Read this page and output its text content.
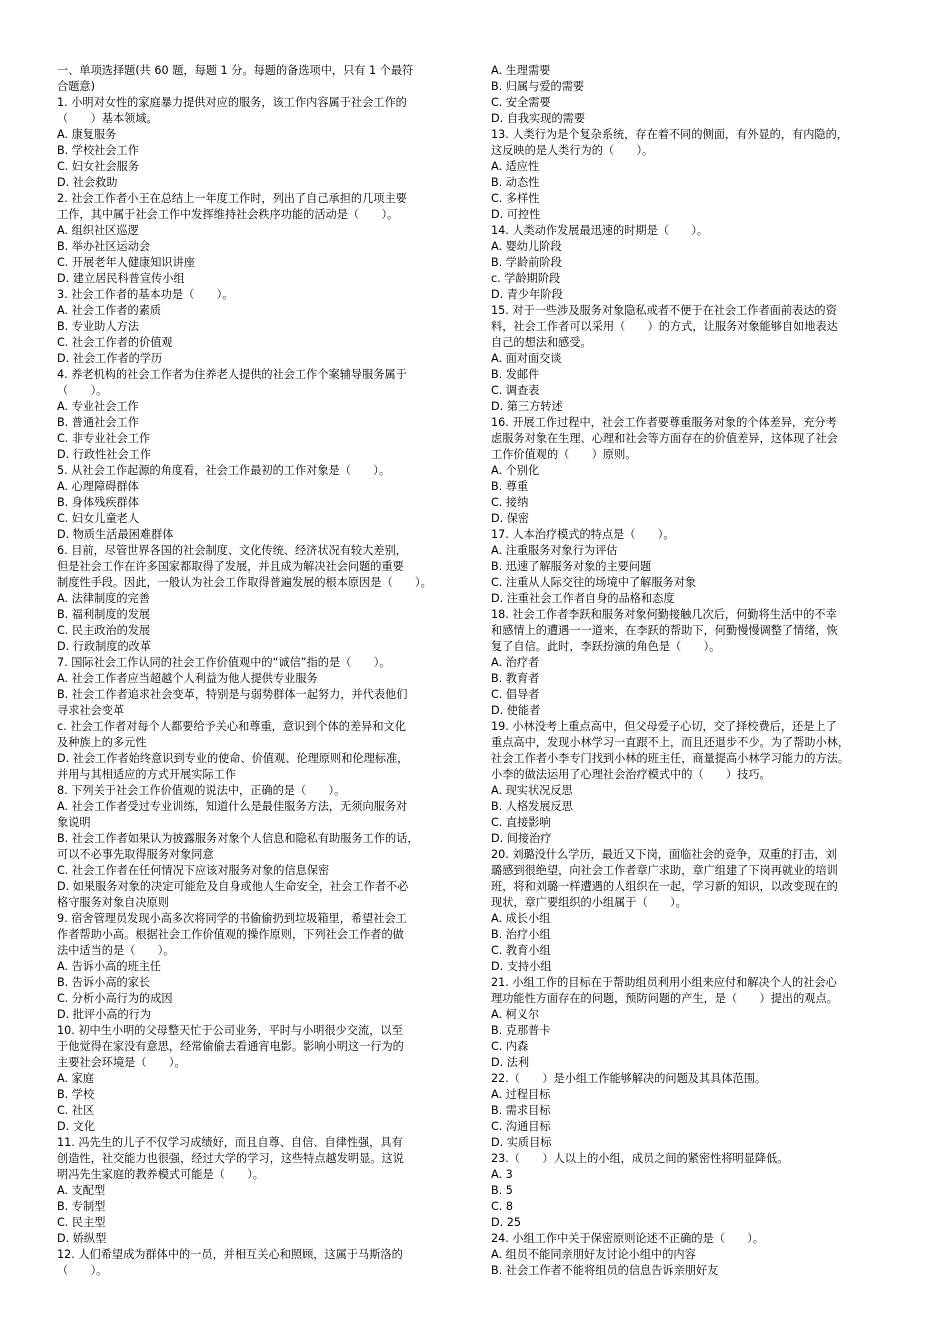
一、单项选择题(共 60 题，每题 1 分。每题的备选项中，只有 1 个最符
合题意)
1. 小明对女性的家庭暴力提供对应的服务，该工作内容属于社会工作的
（　　）基本领域。
A. 康复服务
B. 学校社会工作
C. 妇女社会服务
D. 社会救助
2. 社会工作者小王在总结上一年度工作时，列出了自己承担的几项主要
工作，其中属于社会工作中发挥维持社会秩序功能的活动是（　　）。
A. 组织社区巡逻
B. 举办社区运动会
C. 开展老年人健康知识讲座
D. 建立居民科普宣传小组
3. 社会工作者的基本功是（　　）。
A. 社会工作者的素质
B. 专业助人方法
C. 社会工作者的价值观
D. 社会工作者的学历
4. 养老机构的社会工作者为住养老人提供的社会工作个案辅导服务属于
（　　）。
A. 专业社会工作
B. 普通社会工作
C. 非专业社会工作
D. 行政性社会工作
5. 从社会工作起源的角度看，社会工作最初的工作对象是（　　）。
A. 心理障碍群体
B. 身体残疾群体
C. 妇女儿童老人
D. 物质生活最困难群体
6. 目前，尽管世界各国的社会制度、文化传统、经济状况有较大差别，
但是社会工作在许多国家都取得了发展，并且成为解决社会问题的重要
制度性手段。因此，一般认为社会工作取得普遍发展的根本原因是（　　）。
A. 法律制度的完善
B. 福利制度的发展
C. 民主政治的发展
D. 行政制度的改革
7. 国际社会工作认同的社会工作价值观中的“诚信”指的是（　　）。
A. 社会工作者应当超越个人利益为他人提供专业服务
B. 社会工作者追求社会变革，特别是与弱势群体一起努力，并代表他们
寻求社会变革
c. 社会工作者对每个人都要给予关心和尊重，意识到个体的差异和文化
及种族上的多元性
D. 社会工作者始终意识到专业的使命、价值观、伦理原则和伦理标准，
并用与其相适应的方式开展实际工作
8. 下列关于社会工作价值观的说法中，正确的是（　　）。
A. 社会工作者受过专业训练，知道什么是最佳服务方法，无须向服务对
象说明
B. 社会工作者如果认为披露服务对象个人信息和隐私有助服务工作的话，
可以不必事先取得服务对象同意
C. 社会工作者在任何情况下应该对服务对象的信息保密
D. 如果服务对象的决定可能危及自身或他人生命安全，社会工作者不必
格守服务对象自决原则
9. 宿舍管理员发现小高多次将同学的书偷偷扔到垃圾箱里，希望社会工
作者帮助小高。根据社会工作价值观的操作原则，下列社会工作者的做
法中适当的是（　　）。
A. 告诉小高的班主任
B. 告诉小高的家长
C. 分析小高行为的成因
D. 批评小高的行为
10. 初中生小明的父母整天忙于公司业务，平时与小明很少交流，以至
于他觉得在家没有意思，经常偷偷去看通宵电影。影响小明这一行为的
主要社会环境是（　　）。
A. 家庭
B. 学校
C. 社区
D. 文化
11. 冯先生的儿子不仅学习成绩好，而且自尊、自信、自律性强，具有
创造性，社交能力也很强，经过大学的学习，这些特点越发明显。这说
明冯先生家庭的教养模式可能是（　　）。
A. 支配型
B. 专制型
C. 民主型
D. 娇纵型
12. 人们希望成为群体中的一员，并相互关心和照顾，这属于马斯洛的
（　　）。
A. 生理需要
B. 归属与爱的需要
C. 安全需要
D. 自我实现的需要
13. 人类行为是个复杂系统，存在着不同的侧面，有外显的，有内隐的，
这反映的是人类行为的（　　）。
A. 适应性
B. 动态性
C. 多样性
D. 可控性
14. 人类动作发展最迅速的时期是（　　）。
A. 婴幼儿阶段
B. 学龄前阶段
c. 学龄期阶段
D. 青少年阶段
15. 对于一些涉及服务对象隐私或者不便于在社会工作者面前表达的资
料，社会工作者可以采用（　　）的方式，让服务对象能够自如地表达
自己的想法和感受。
A. 面对面交谈
B. 发邮件
C. 调查表
D. 第三方转述
16. 开展工作过程中，社会工作者要尊重服务对象的个体差异，充分考
虑服务对象在生理、心理和社会等方面存在的价值差异，这体现了社会
工作价值观的（　　）原则。
A. 个别化
B. 尊重
C. 接纳
D. 保密
17. 人本治疗模式的特点是（　　）。
A. 注重服务对象行为评估
B. 迅速了解服务对象的主要问题
C. 注重从人际交往的场境中了解服务对象
D. 注重社会工作者自身的品格和态度
18. 社会工作者李跃和服务对象何勤接触几次后，何勤将生活中的不幸
和感情上的遭遇一一道来，在李跃的帮助下，何勤慢慢调整了情绪，恢
复了自信。此时，李跃扮演的角色是（　　）。
A. 治疗者
B. 教育者
C. 倡导者
D. 使能者
19. 小林没考上重点高中，但父母爱子心切，交了择校费后，还是上了
重点高中，发现小林学习一直跟不上，而且还退步不少。为了帮助小林，
社会工作者小李专门找到小林的班主任，商量提高小林学习能力的方法。
小李的做法运用了心理社会治疗模式中的（　　）技巧。
A. 现实状况反思
B. 人格发展反思
C. 直接影响
D. 间接治疗
20. 刘璐没什么学历，最近又下岗，面临社会的竞争，双重的打击，刘
璐感到很绝望，向社会工作者章广求助，章广组建了下岗再就业的培训
班，将和刘璐一样遭遇的人组织在一起，学习新的知识，以改变现在的
现状，章广要组织的小组属于（　　）。
A. 成长小组
B. 治疗小组
C. 教育小组
D. 支持小组
21. 小组工作的目标在于帮助组员利用小组来应付和解决个人的社会心
理功能性方面存在的问题，预防问题的产生，是（　　）提出的观点。
A. 柯义尔
B. 克那普卡
C. 内森
D. 法利
22.（　　）是小组工作能够解决的问题及其具体范围。
A. 过程目标
B. 需求目标
C. 沟通目标
D. 实质目标
23.（　　）人以上的小组，成员之间的紧密性将明显降低。
A. 3
B. 5
C. 8
D. 25
24. 小组工作中关于保密原则论述不正确的是（　　）。
A. 组员不能同亲朋好友讨论小组中的内容
B. 社会工作者不能将组员的信息告诉亲朋好友
